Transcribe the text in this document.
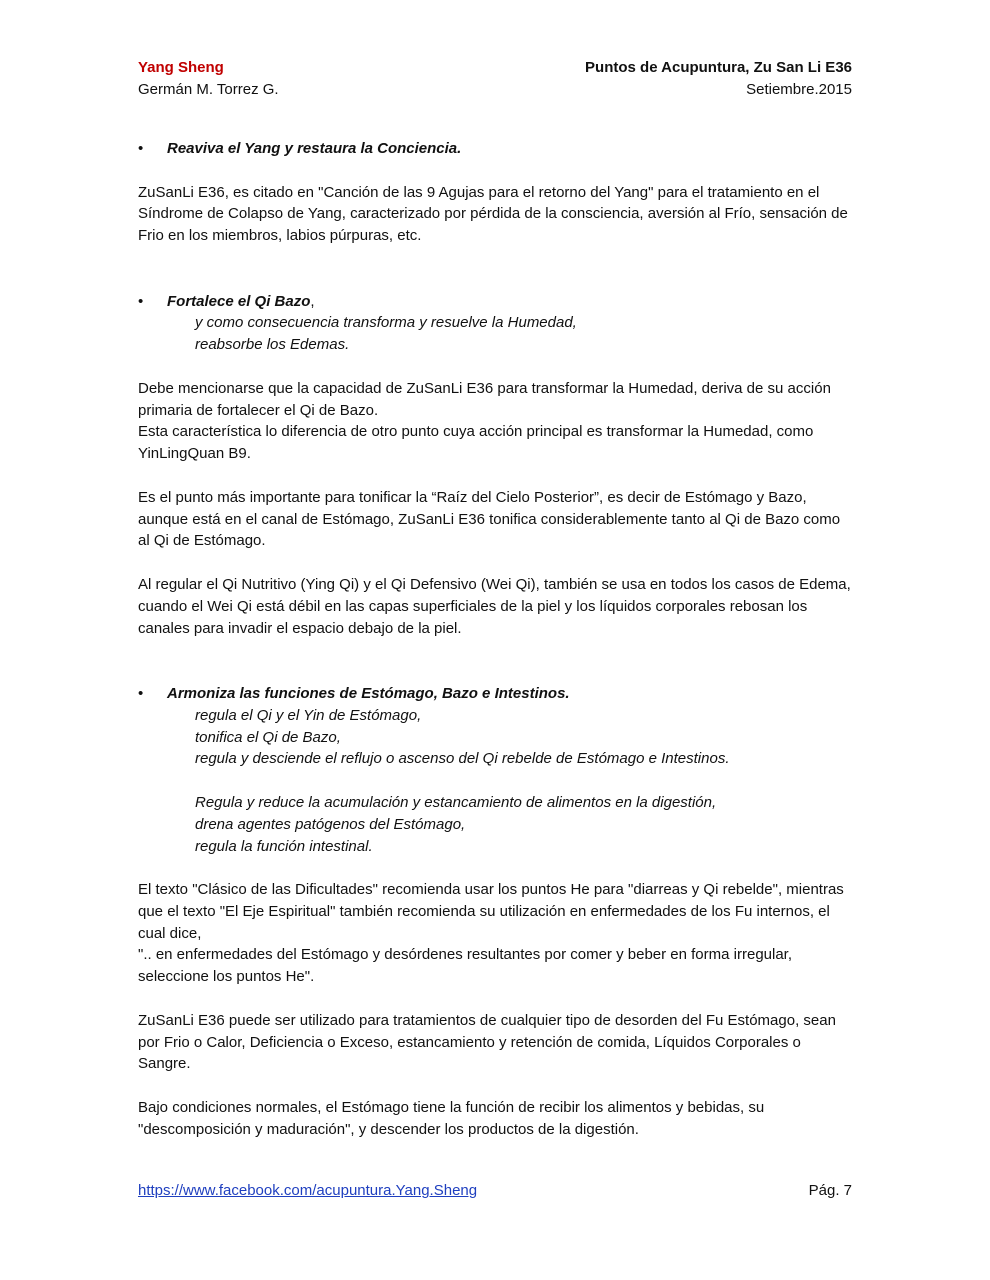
Yang Sheng	Puntos de Acupuntura, Zu San Li E36
Germán M. Torrez G.	Setiembre.2015

•	Reaviva el Yang y restaura la Conciencia.

ZuSanLi E36, es citado en "Canción de las 9 Agujas para el retorno del Yang" para el tratamiento en el Síndrome de Colapso de Yang, caracterizado por pérdida de la consciencia, aversión al Frío, sensación de Frio en los miembros, labios púrpuras, etc.

•	Fortalece el Qi Bazo,

y como consecuencia transforma y resuelve la Humedad,

reabsorbe los Edemas.

Debe mencionarse que la capacidad de ZuSanLi E36 para transformar la Humedad, deriva de su acción primaria de fortalecer el Qi de Bazo.

Esta característica lo diferencia de otro punto cuya acción principal es transformar la Humedad, como YinLingQuan B9.

Es el punto más importante para tonificar la “Raíz del Cielo Posterior”, es decir de Estómago y Bazo, aunque está en el canal de Estómago, ZuSanLi E36 tonifica considerablemente tanto al Qi de Bazo como al Qi de Estómago.

Al regular el Qi Nutritivo (Ying Qi) y el Qi Defensivo (Wei Qi), también se usa en todos los casos de Edema, cuando el Wei Qi está débil en las capas superficiales de la piel y los líquidos corporales rebosan los canales para invadir el espacio debajo de la piel.

•	Armoniza las funciones de Estómago, Bazo e Intestinos.

regula el Qi y el Yin de Estómago,

tonifica el Qi de Bazo,

regula y desciende el reflujo o ascenso del Qi rebelde de Estómago e Intestinos.

Regula y reduce la acumulación y estancamiento de alimentos en la digestión,

drena agentes patógenos del Estómago,

regula la función intestinal.

El texto "Clásico de las Dificultades" recomienda usar los puntos He para "diarreas y Qi rebelde", mientras que el texto "El Eje Espiritual" también recomienda su utilización en enfermedades de los Fu internos, el cual dice,

".. en enfermedades del Estómago y desórdenes resultantes por comer y beber en forma irregular, seleccione los puntos He".

ZuSanLi E36 puede ser utilizado para tratamientos de cualquier tipo de desorden del Fu Estómago, sean por Frio o Calor, Deficiencia o Exceso, estancamiento y retención de comida, Líquidos Corporales o Sangre.

Bajo condiciones normales, el Estómago tiene la función de recibir los alimentos y bebidas, su "descomposición y maduración", y descender los productos de la digestión.

https://www.facebook.com/acupuntura.Yang.Sheng	Pág. 7
